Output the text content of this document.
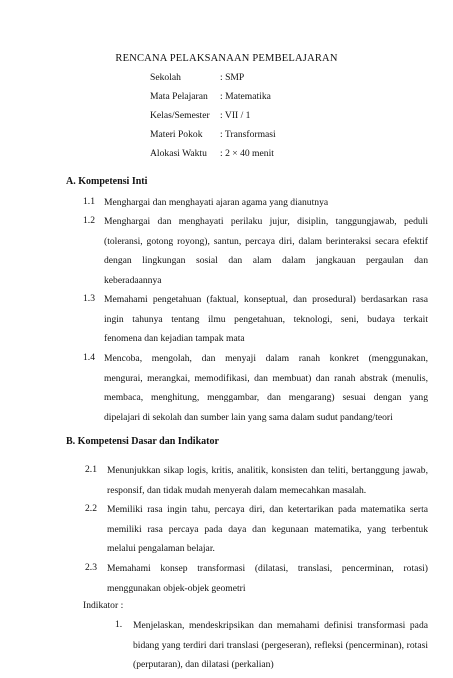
RENCANA PELAKSANAAN PEMBELAJARAN
Sekolah	: SMP
Mata Pelajaran : Matematika
Kelas/Semester : VII / 1
Materi Pokok : Transformasi
Alokasi Waktu : 2 × 40 menit
A. Kompetensi Inti
1.1 Menghargai dan menghayati ajaran agama yang dianutnya
1.2 Menghargai dan menghayati perilaku jujur, disiplin, tanggungjawab, peduli
(toleransi, gotong royong), santun, percaya diri, dalam berinteraksi secara efektif
dengan lingkungan sosial dan alam dalam jangkauan pergaulan dan
keberadaannya
1.3 Memahami pengetahuan (faktual, konseptual, dan prosedural) berdasarkan rasa
ingin tahunya tentang ilmu pengetahuan, teknologi, seni, budaya terkait
fenomena dan kejadian tampak mata
1.4 Mencoba, mengolah, dan menyaji dalam ranah konkret (menggunakan,
mengurai, merangkai, memodifikasi, dan membuat) dan ranah abstrak (menulis,
membaca, menghitung, menggambar, dan mengarang) sesuai dengan yang
dipelajari di sekolah dan sumber lain yang sama dalam sudut pandang/teori
B. Kompetensi Dasar dan Indikator
2.1	Menunjukkan sikap logis, kritis, analitik, konsisten dan teliti, bertanggung jawab,
responsif, dan tidak mudah menyerah dalam memecahkan masalah.
2.2	Memiliki rasa ingin tahu, percaya diri, dan ketertarikan pada matematika serta
memiliki rasa percaya pada daya dan kegunaan matematika, yang terbentuk
melalui pengalaman belajar.
2.3	Memahami konsep transformasi (dilatasi, translasi, pencerminan, rotasi)
menggunakan objek-objek geometri
Indikator :
1.	Menjelaskan, mendeskripsikan dan memahami definisi transformasi pada
bidang yang terdiri dari translasi (pergeseran), refleksi (pencerminan), rotasi
(perputaran), dan dilatasi (perkalian)
